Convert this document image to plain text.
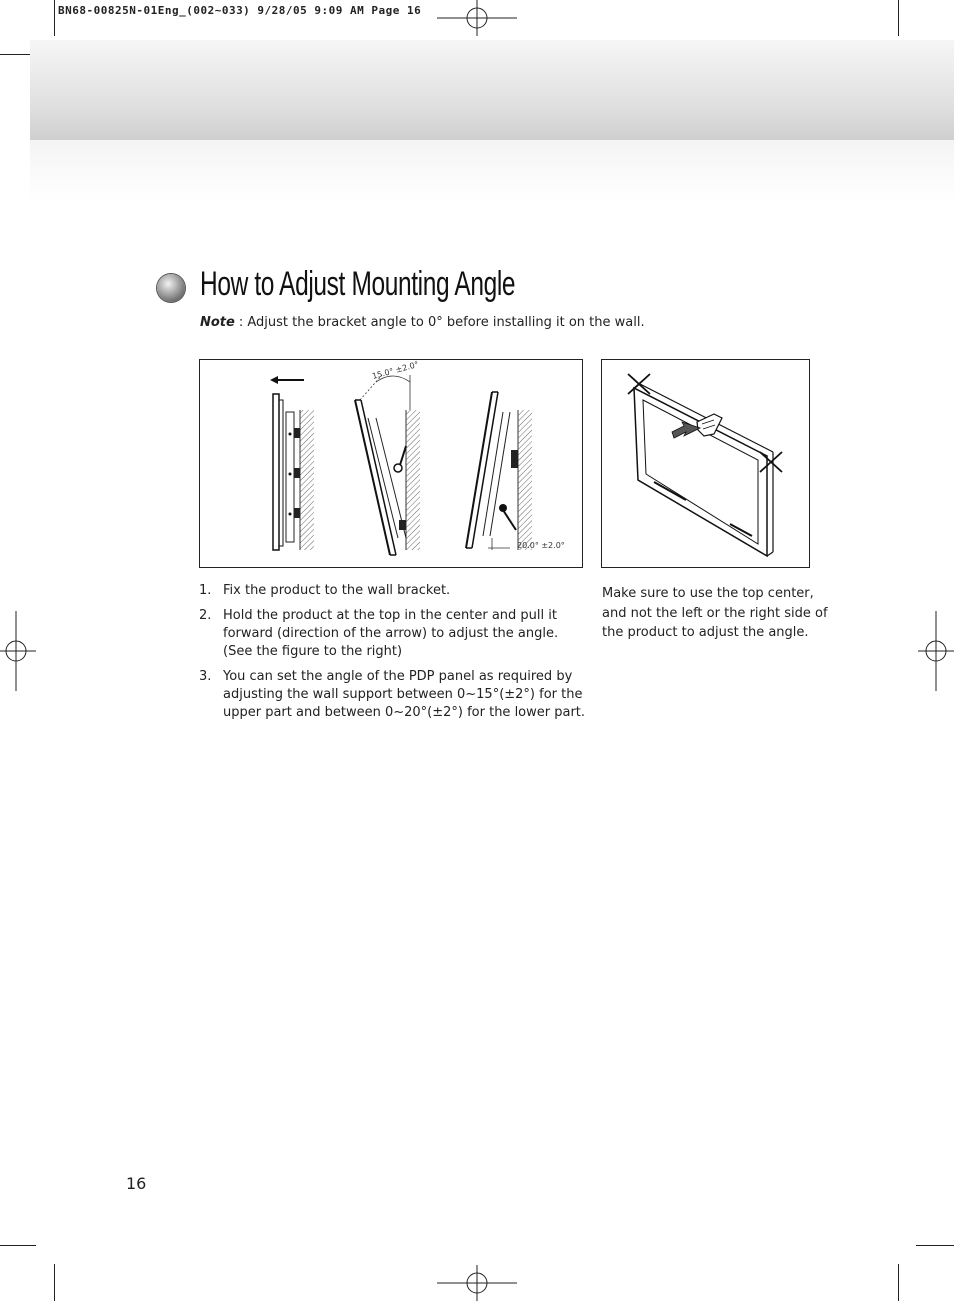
BN68-00825N-01Eng_(002~033) 9/28/05 9:09 AM Page 16
How to Adjust Mounting Angle
Note : Adjust the bracket angle to 0° before installing it on the wall.
15.0° ±2.0°
20.0° ±2.0°
1. Fix the product to the wall bracket.
2. Hold the product at the top in the center and pull it forward (direction of the arrow) to adjust the angle. (See the figure to the right)
3. You can set the angle of the PDP panel as required by adjusting the wall support between 0~15°(±2°) for the upper part and between 0~20°(±2°) for the lower part.
Make sure to use the top center, and not the left or the right side of the product to adjust the angle.
16
